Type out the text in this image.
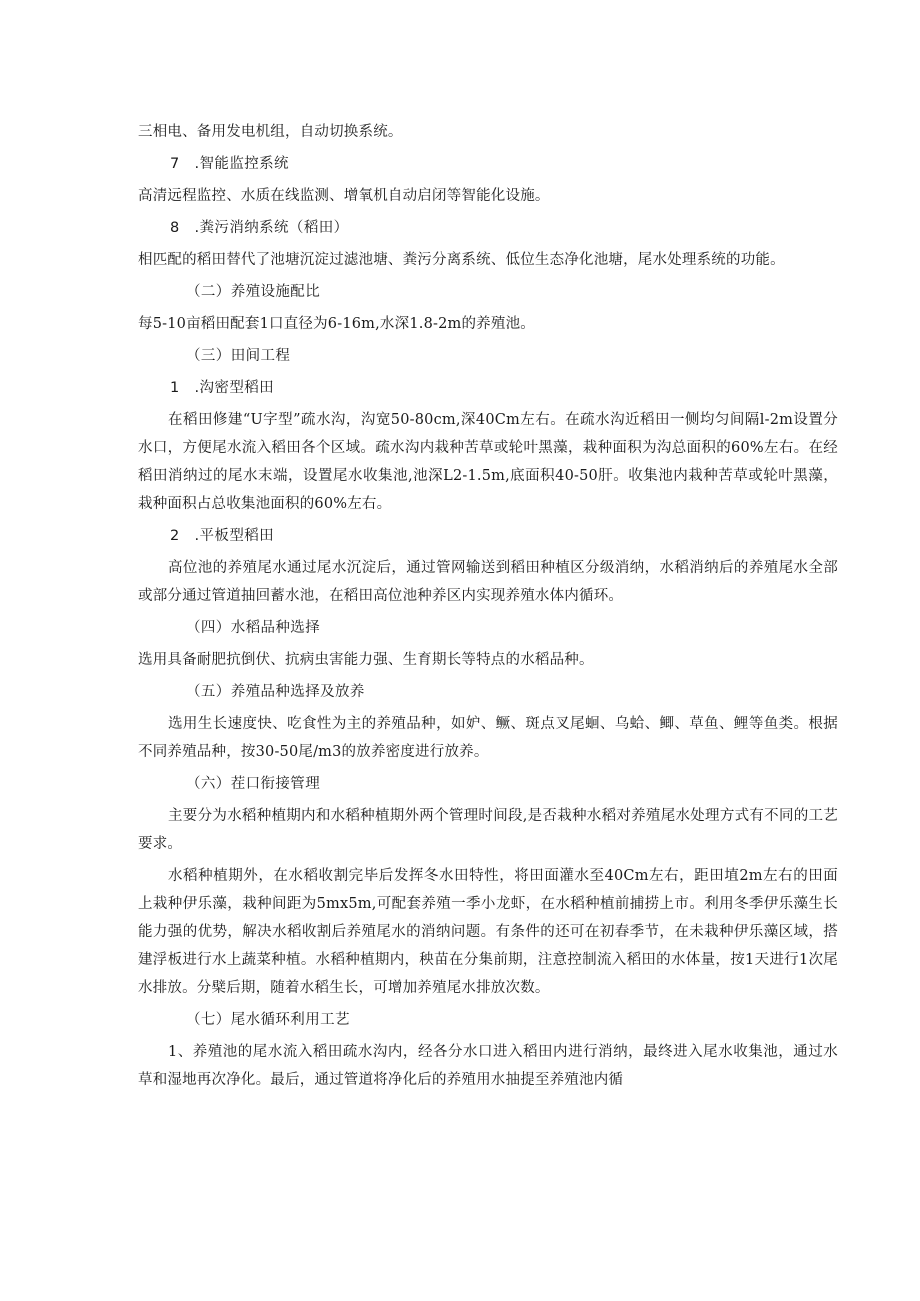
三相电、备用发电机组，自动切换系统。

7　.智能监控系统

高清远程监控、水质在线监测、增氧机自动启闭等智能化设施。

8　.粪污消纳系统（稻田）

相匹配的稻田替代了池塘沉淀过滤池塘、粪污分离系统、低位生态净化池塘，尾水处理系统的功能。

（二）养殖设施配比

每5-10亩稻田配套1口直径为6-16m,水深1.8-2m的养殖池。

（三）田间工程

1　.沟密型稻田

在稻田修建“U字型”疏水沟，沟宽50-80cm,深40Cm左右。在疏水沟近稻田一侧均匀间隔l-2m设置分水口，方便尾水流入稻田各个区域。疏水沟内栽种苦草或轮叶黑藻，栽种面积为沟总面积的60%左右。在经稻田消纳过的尾水末端，设置尾水收集池,池深L2-1.5m,底面积40-50肝。收集池内栽种苦草或轮叶黑藻，栽种面积占总收集池面积的60%左右。

2　.平板型稻田

高位池的养殖尾水通过尾水沉淀后，通过管网输送到稻田种植区分级消纳，水稻消纳后的养殖尾水全部或部分通过管道抽回蓄水池，在稻田高位池种养区内实现养殖水体内循环。

（四）水稻品种选择

选用具备耐肥抗倒伏、抗病虫害能力强、生育期长等特点的水稻品种。

（五）养殖品种选择及放养

选用生长速度快、吃食性为主的养殖品种，如妒、鳜、斑点叉尾蛔、乌蛤、鲫、草鱼、鲤等鱼类。根据不同养殖品种，按30-50尾/m3的放养密度进行放养。

（六）茬口衔接管理

主要分为水稻种植期内和水稻种植期外两个管理时间段,是否栽种水稻对养殖尾水处理方式有不同的工艺要求。

水稻种植期外，在水稻收割完毕后发挥冬水田特性，将田面灌水至40Cm左右，距田埴2m左右的田面上栽种伊乐藻，栽种间距为5mx5m,可配套养殖一季小龙虾，在水稻种植前捕捞上市。利用冬季伊乐藻生长能力强的优势，解决水稻收割后养殖尾水的消纳问题。有条件的还可在初春季节，在未栽种伊乐藻区域，搭建浮板进行水上蔬菜种植。水稻种植期内，秧苗在分集前期，注意控制流入稻田的水体量，按1天进行1次尾水排放。分檗后期，随着水稻生长，可增加养殖尾水排放次数。

（七）尾水循环利用工艺

1、养殖池的尾水流入稻田疏水沟内，经各分水口进入稻田内进行消纳，最终进入尾水收集池，通过水草和湿地再次净化。最后，通过管道将净化后的养殖用水抽提至养殖池内循
